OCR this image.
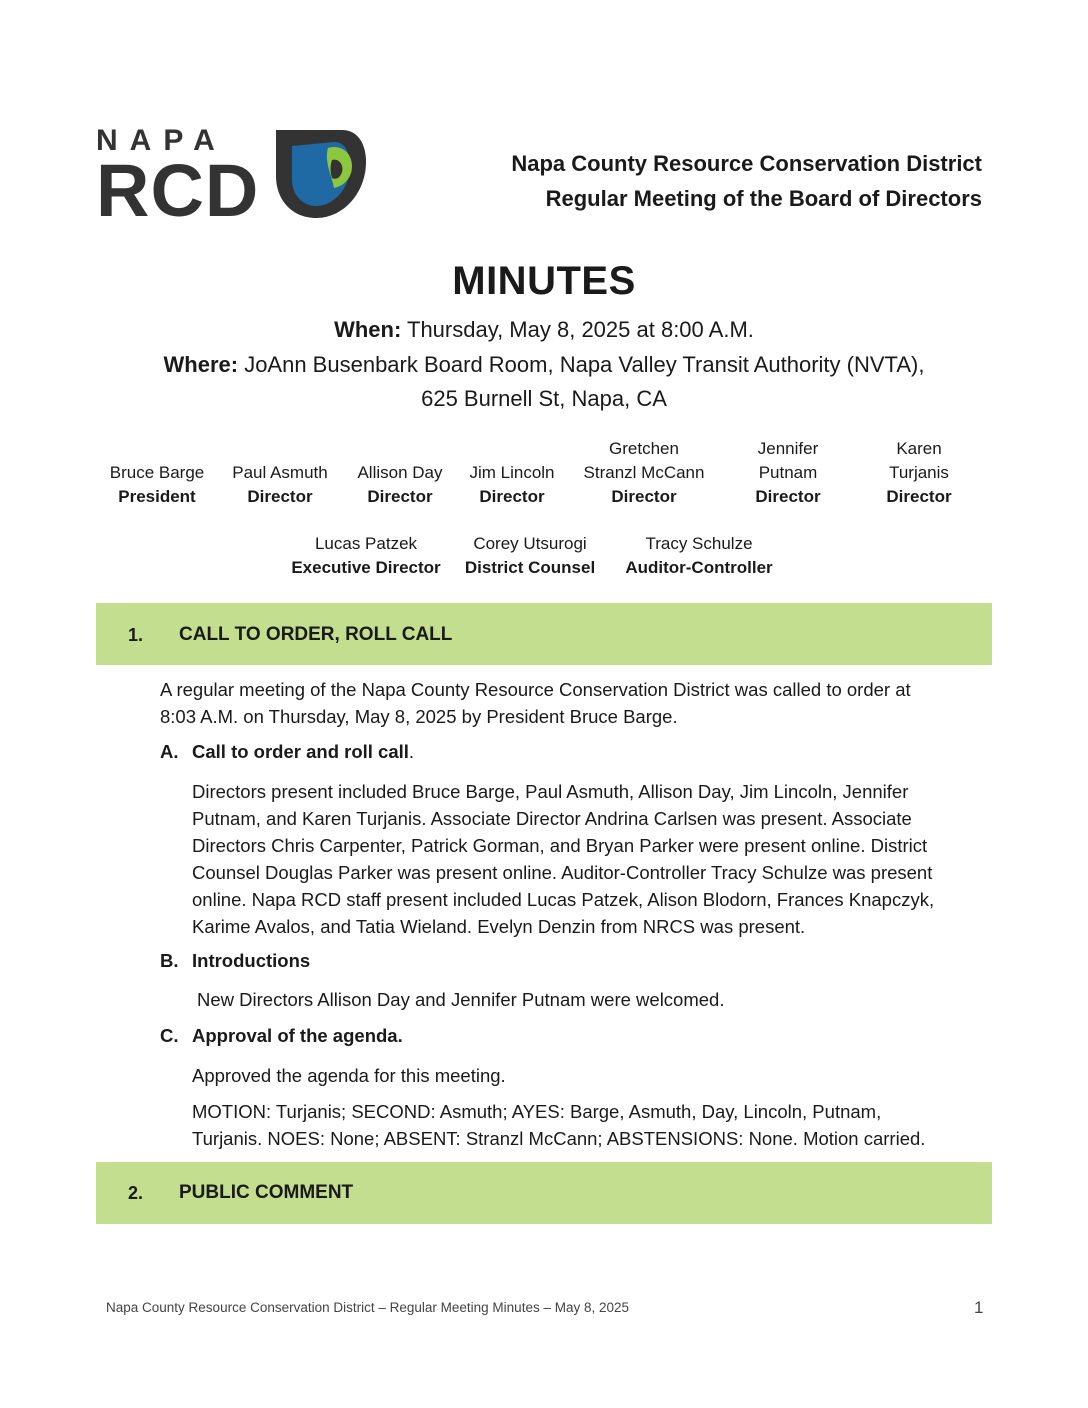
NAPA
RCD	Napa County Resource Conservation District
Regular Meeting of the Board of Directors
MINUTES
When: Thursday, May 8, 2025 at 8:00 A.M.
Where: JoAnn Busenbark Board Room, Napa Valley Transit Authority (NVTA),
625 Burnell St, Napa, CA
Bruce Barge
President
Paul Asmuth
Director
Allison Day
Director
Jim Lincoln
Director
Gretchen
Stranzl McCann
Director
Jennifer
Putnam
Director
Karen
Turjanis
Director
Lucas Patzek
Executive Director
Corey Utsurogi
District Counsel
Tracy Schulze
Auditor-Controller
1. CALL TO ORDER, ROLL CALL
A regular meeting of the Napa County Resource Conservation District was called to order at
8:03 A.M. on Thursday, May 8, 2025 by President Bruce Barge.
A. Call to order and roll call.
Directors present included Bruce Barge, Paul Asmuth, Allison Day, Jim Lincoln, Jennifer
Putnam, and Karen Turjanis. Associate Director Andrina Carlsen was present. Associate
Directors Chris Carpenter, Patrick Gorman, and Bryan Parker were present online. District
Counsel Douglas Parker was present online. Auditor-Controller Tracy Schulze was present
online. Napa RCD staff present included Lucas Patzek, Alison Blodorn, Frances Knapczyk,
Karime Avalos, and Tatia Wieland. Evelyn Denzin from NRCS was present.
B. Introductions
New Directors Allison Day and Jennifer Putnam were welcomed.
C. Approval of the agenda.
Approved the agenda for this meeting.
MOTION: Turjanis; SECOND: Asmuth; AYES: Barge, Asmuth, Day, Lincoln, Putnam,
Turjanis. NOES: None; ABSENT: Stranzl McCann; ABSTENSIONS: None. Motion carried.
2. PUBLIC COMMENT
Napa County Resource Conservation District – Regular Meeting Minutes – May 8, 2025	1
